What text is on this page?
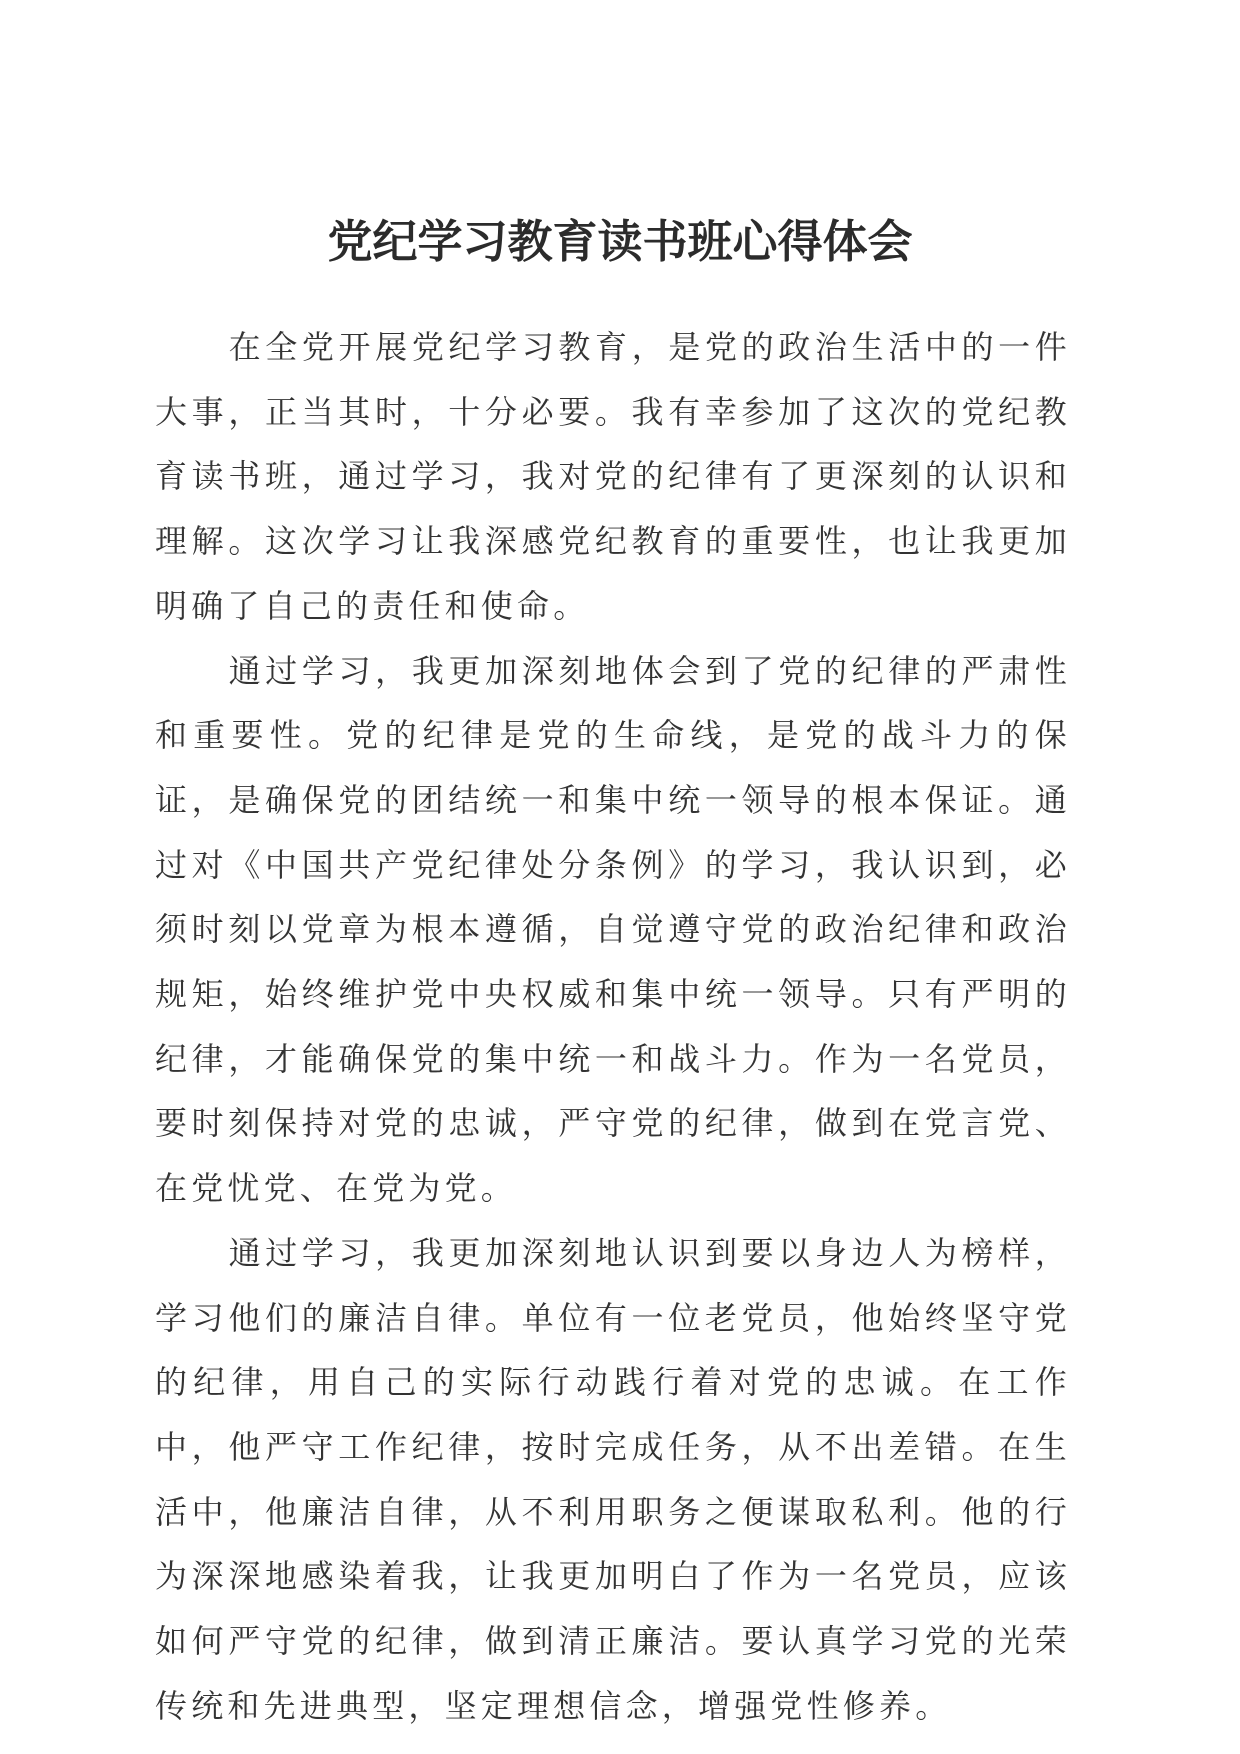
党纪学习教育读书班心得体会

在全党开展党纪学习教育，是党的政治生活中的一件大事，正当其时，十分必要。我有幸参加了这次的党纪教育读书班，通过学习，我对党的纪律有了更深刻的认识和理解。这次学习让我深感党纪教育的重要性，也让我更加明确了自己的责任和使命。

通过学习，我更加深刻地体会到了党的纪律的严肃性和重要性。党的纪律是党的生命线，是党的战斗力的保证，是确保党的团结统一和集中统一领导的根本保证。通过对《中国共产党纪律处分条例》的学习，我认识到，必须时刻以党章为根本遵循，自觉遵守党的政治纪律和政治规矩，始终维护党中央权威和集中统一领导。只有严明的纪律，才能确保党的集中统一和战斗力。作为一名党员，要时刻保持对党的忠诚，严守党的纪律，做到在党言党、在党忧党、在党为党。

通过学习，我更加深刻地认识到要以身边人为榜样，学习他们的廉洁自律。单位有一位老党员，他始终坚守党的纪律，用自己的实际行动践行着对党的忠诚。在工作中，他严守工作纪律，按时完成任务，从不出差错。在生活中，他廉洁自律，从不利用职务之便谋取私利。他的行为深深地感染着我，让我更加明白了作为一名党员，应该如何严守党的纪律，做到清正廉洁。要认真学习党的光荣传统和先进典型，坚定理想信念，增强党性修养。
